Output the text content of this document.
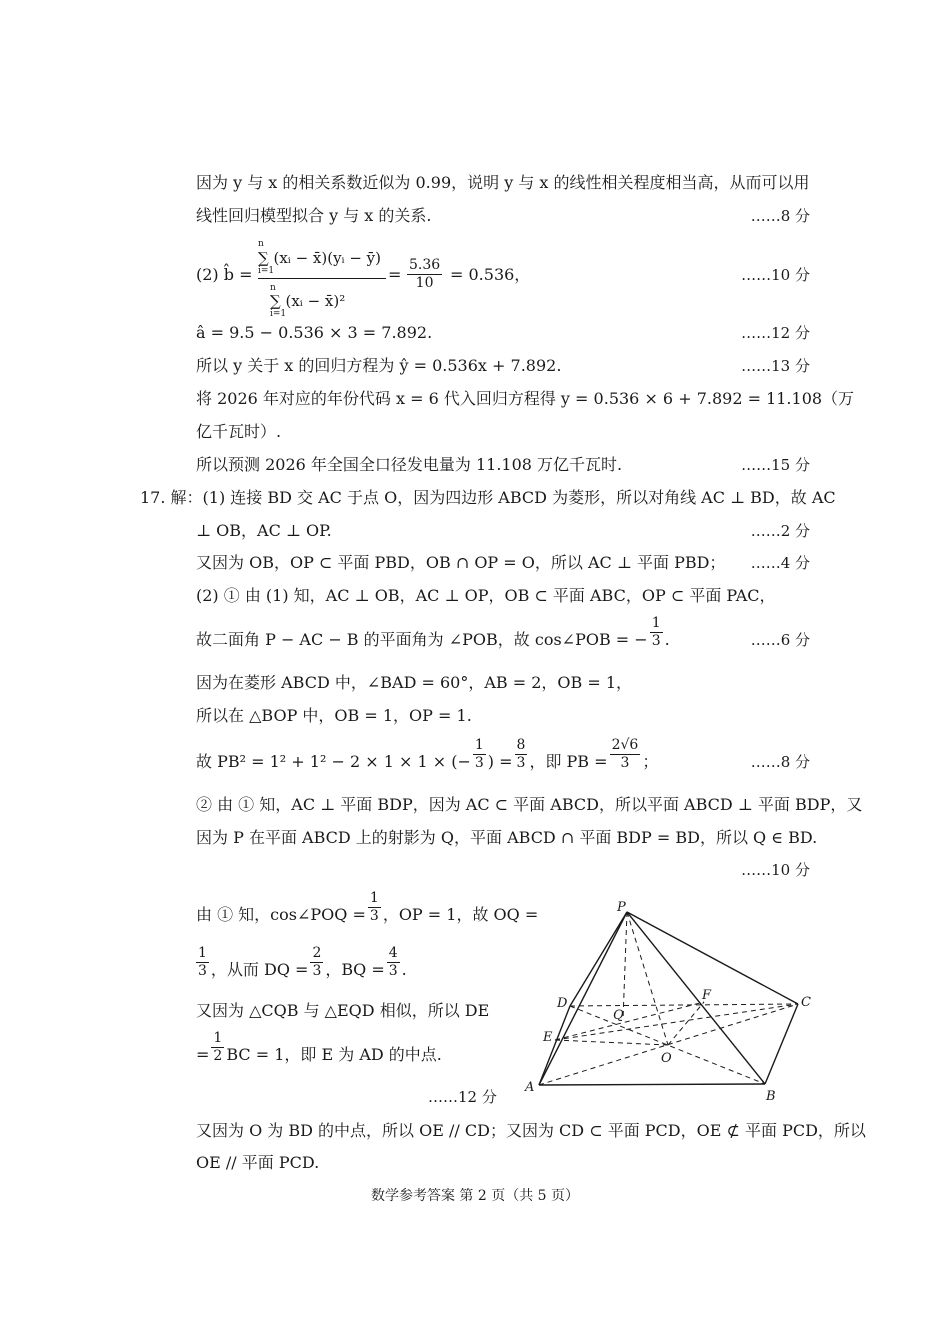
因为 y 与 x 的相关系数近似为 0.99，说明 y 与 x 的线性相关程度相当高，从而可以用
线性回归模型拟合 y 与 x 的关系.	……8 分
(2) b̂ =
n
∑ (xᵢ − x̄)(yᵢ − ȳ)
i=1
n
∑ (xᵢ − x̄)²
i=1
= $\frac{5.36}{10} = 0.536$，	……10 分
â = 9.5 − 0.536 × 3 = 7.892.	……12 分
所以 y 关于 x 的回归方程为 ŷ = 0.536x + 7.892.	……13 分
将 2026 年对应的年份代码 x = 6 代入回归方程得 y = 0.536 × 6 + 7.892 = 11.108（万
亿千瓦时）.
所以预测 2026 年全国全口径发电量为 11.108 万亿千瓦时.	……15 分
17. 解：(1) 连接 BD 交 AC 于点 O，因为四边形 ABCD 为菱形，所以对角线 AC ⊥ BD，故 AC
⊥ OB，AC ⊥ OP.	……2 分
又因为 OB，OP ⊂ 平面 PBD，OB ∩ OP = O，所以 AC ⊥ 平面 PBD； ……4 分
(2) ① 由 (1) 知，AC ⊥ OB，AC ⊥ OP，OB ⊂ 平面 ABC，OP ⊂ 平面 PAC，
故二面角 P − AC − B 的平面角为 ∠POB，故 cos∠POB = − $\frac{1}{3}$ .	……6 分
因为在菱形 ABCD 中，∠BAD = 60°，AB = 2，OB = 1，
所以在 △BOP 中，OB = 1，OP = 1.
故 PB² = 1² + 1² − 2 × 1 × 1 × (− $\frac{1}{3}$ ) = $\frac{8}{3}$ ，即 PB = $\frac{2√6}{3}$ ；	……8 分
② 由 ① 知，AC ⊥ 平面 BDP，因为 AC ⊂ 平面 ABCD，所以平面 ABCD ⊥ 平面 BDP，又
因为 P 在平面 ABCD 上的射影为 Q，平面 ABCD ∩ 平面 BDP = BD，所以 Q ∈ BD.
……10 分
由 ① 知，cos∠POQ = $\frac{1}{3}$ ，OP = 1，故 OQ =
$\frac{1}{3}$ ，从而 DQ = $\frac{2}{3}$ ，BQ = $\frac{4}{3}$ .
又因为 △CQB 与 △EQD 相似，所以 DE
= $\frac{1}{2}$ BC = 1，即 E 为 AD 的中点.
……12 分
P
D
F	C
Q
E
O
A
B
又因为 O 为 BD 的中点，所以 OE // CD；又因为 CD ⊂ 平面 PCD，OE ⊄ 平面 PCD，所以
OE // 平面 PCD.
数学参考答案 第 2 页（共 5 页）
